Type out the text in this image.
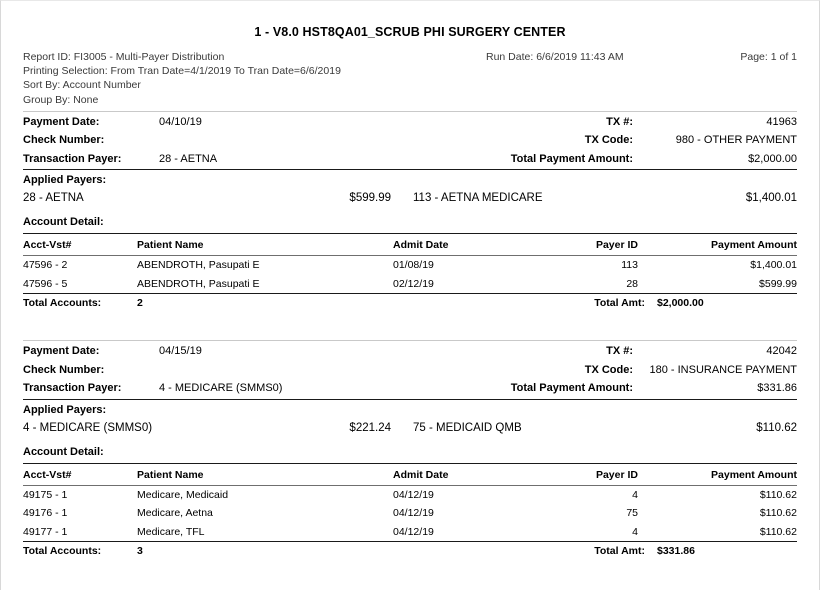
1 - V8.0 HST8QA01_SCRUB PHI SURGERY CENTER
Report ID: FI3005 - Multi-Payer Distribution	Run Date: 6/6/2019 11:43 AM	Page: 1 of 1
Printing Selection: From Tran Date=4/1/2019 To Tran Date=6/6/2019
Sort By: Account Number
Group By: None
Payment Date:	04/10/19	TX #:	41963
Check Number:	TX Code:	980 - OTHER PAYMENT
Transaction Payer:	28 - AETNA	Total Payment Amount:	$2,000.00
Applied Payers:
28 - AETNA	$599.99 113 - AETNA MEDICARE	$1,400.01
Account Detail:
Acct-Vst#	Patient Name	Admit Date	Payer ID	Payment Amount
47596 - 2	ABENDROTH, Pasupati E	01/08/19	113	$1,400.01
47596 - 5	ABENDROTH, Pasupati E	02/12/19	28	$599.99
Total Accounts:	2	Total Amt: $2,000.00
Payment Date:	04/15/19	TX #:	42042
Check Number:	TX Code: 180 - INSURANCE PAYMENT
Transaction Payer:	4 - MEDICARE (SMMS0)	Total Payment Amount:	$331.86
Applied Payers:
4 - MEDICARE (SMMS0)	$221.24 75 - MEDICAID QMB	$110.62
Account Detail:
Acct-Vst#	Patient Name	Admit Date	Payer ID	Payment Amount
49175 - 1	Medicare, Medicaid	04/12/19	4	$110.62
49176 - 1	Medicare, Aetna	04/12/19	75	$110.62
49177 - 1	Medicare, TFL	04/12/19	4	$110.62
Total Accounts:	3	Total Amt: $331.86
